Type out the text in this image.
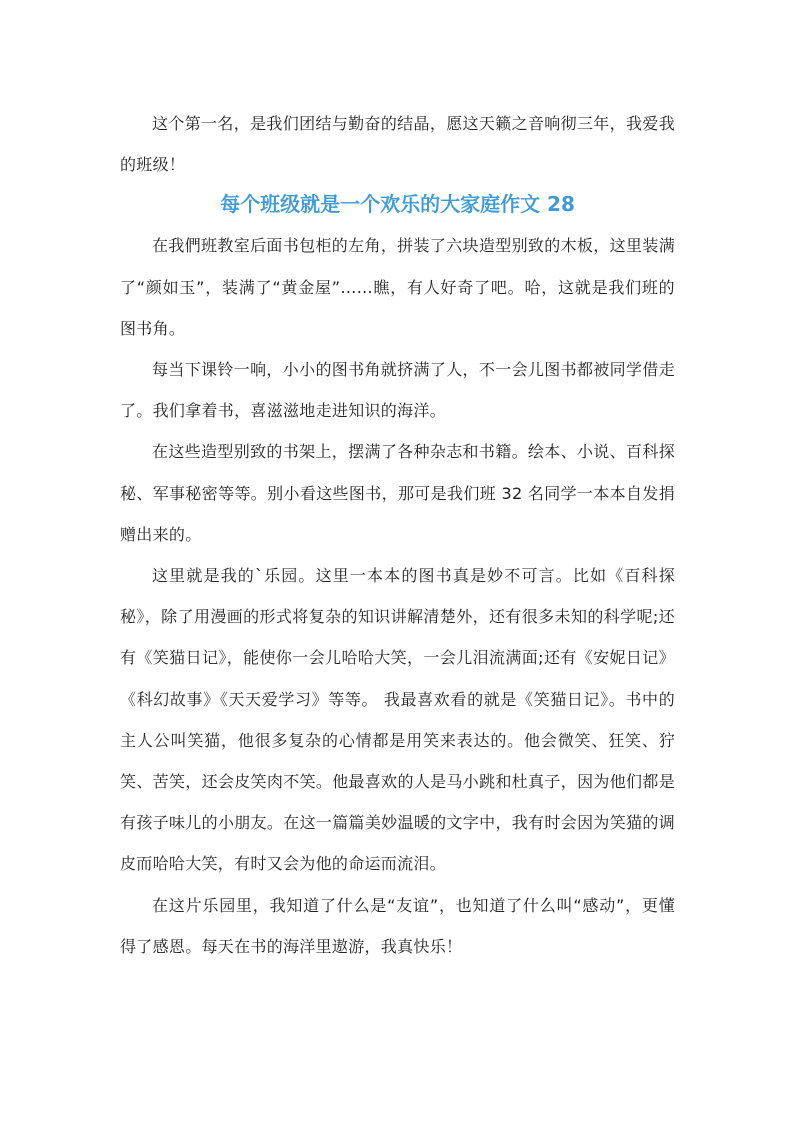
这个第一名，是我们团结与勤奋的结晶，愿这天籁之音响彻三年，我爱我的班级！

每个班级就是一个欢乐的大家庭作文 28

在我們班教室后面书包柜的左角，拼装了六块造型别致的木板，这里装满了“颜如玉”，装满了“黄金屋”……瞧，有人好奇了吧。哈，这就是我们班的图书角。

每当下课铃一响，小小的图书角就挤满了人，不一会儿图书都被同学借走了。我们拿着书，喜滋滋地走进知识的海洋。

在这些造型别致的书架上，摆满了各种杂志和书籍。绘本、小说、百科探秘、军事秘密等等。别小看这些图书，那可是我们班 32 名同学一本本自发捐赠出来的。

这里就是我的`乐园。这里一本本的图书真是妙不可言。比如《百科探秘》，除了用漫画的形式将复杂的知识讲解清楚外，还有很多未知的科学呢;还有《笑猫日记》，能使你一会儿哈哈大笑，一会儿泪流满面;还有《安妮日记》《科幻故事》《天天爱学习》等等。 我最喜欢看的就是《笑猫日记》。书中的主人公叫笑猫，他很多复杂的心情都是用笑来表达的。他会微笑、狂笑、狞笑、苦笑，还会皮笑肉不笑。他最喜欢的人是马小跳和杜真子，因为他们都是有孩子味儿的小朋友。在这一篇篇美妙温暖的文字中，我有时会因为笑猫的调皮而哈哈大笑，有时又会为他的命运而流泪。

在这片乐园里，我知道了什么是“友谊”，也知道了什么叫“感动”，更懂得了感恩。每天在书的海洋里遨游，我真快乐！
